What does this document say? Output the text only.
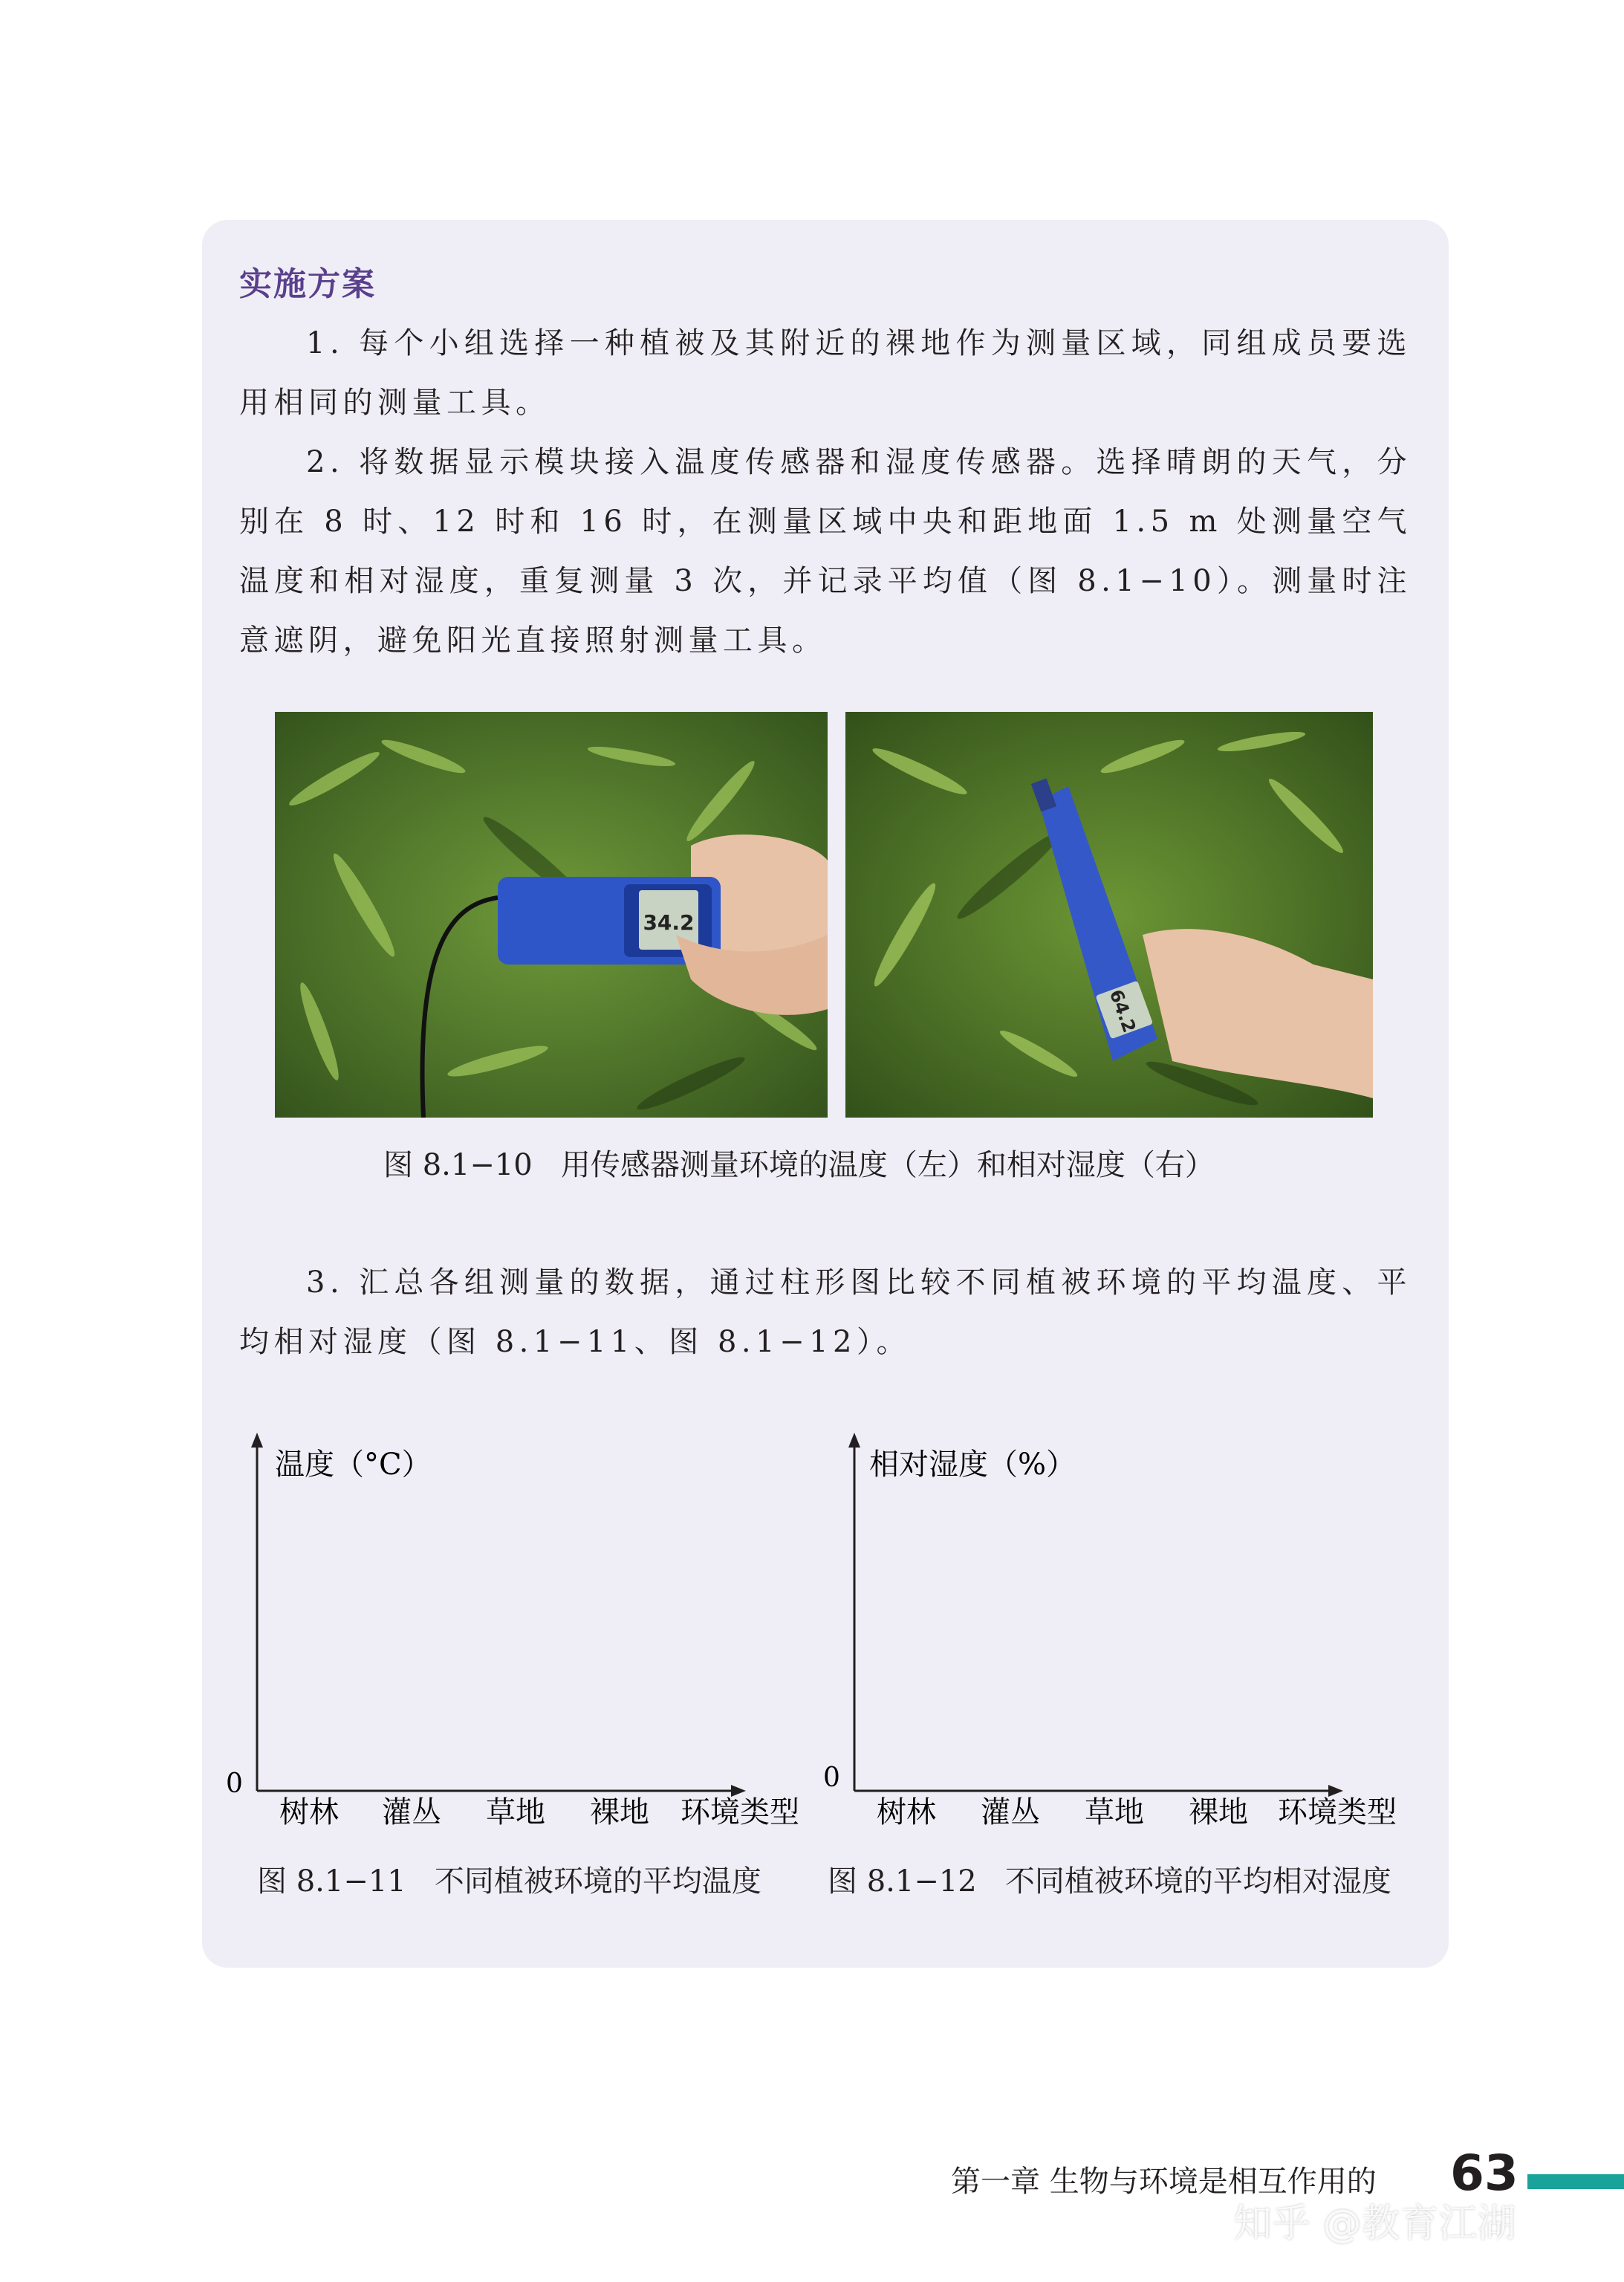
实施方案

1. 每个小组选择一种植被及其附近的裸地作为测量区域，同组成员要选用相同的测量工具。

2. 将数据显示模块接入温度传感器和湿度传感器。选择晴朗的天气，分别在 8 时、12 时和 16 时，在测量区域中央和距地面 1.5 m 处测量空气温度和相对湿度，重复测量 3 次，并记录平均值（图 8.1−10）。测量时注意遮阴，避免阳光直接照射测量工具。

34.2
64.2
图 8.1−10   用传感器测量环境的温度（左）和相对湿度（右）

3. 汇总各组测量的数据，通过柱形图比较不同植被环境的平均温度、平均相对湿度（图 8.1−11、图 8.1−12）。

温度（°C）
0
树林 灌丛 草地 裸地 环境类型
图 8.1−11   不同植被环境的平均温度
相对湿度（%）
0
树林 灌丛 草地 裸地 环境类型
图 8.1−12   不同植被环境的平均相对湿度
第一章 生物与环境是相互作用的 63
知乎 @教育江湖
